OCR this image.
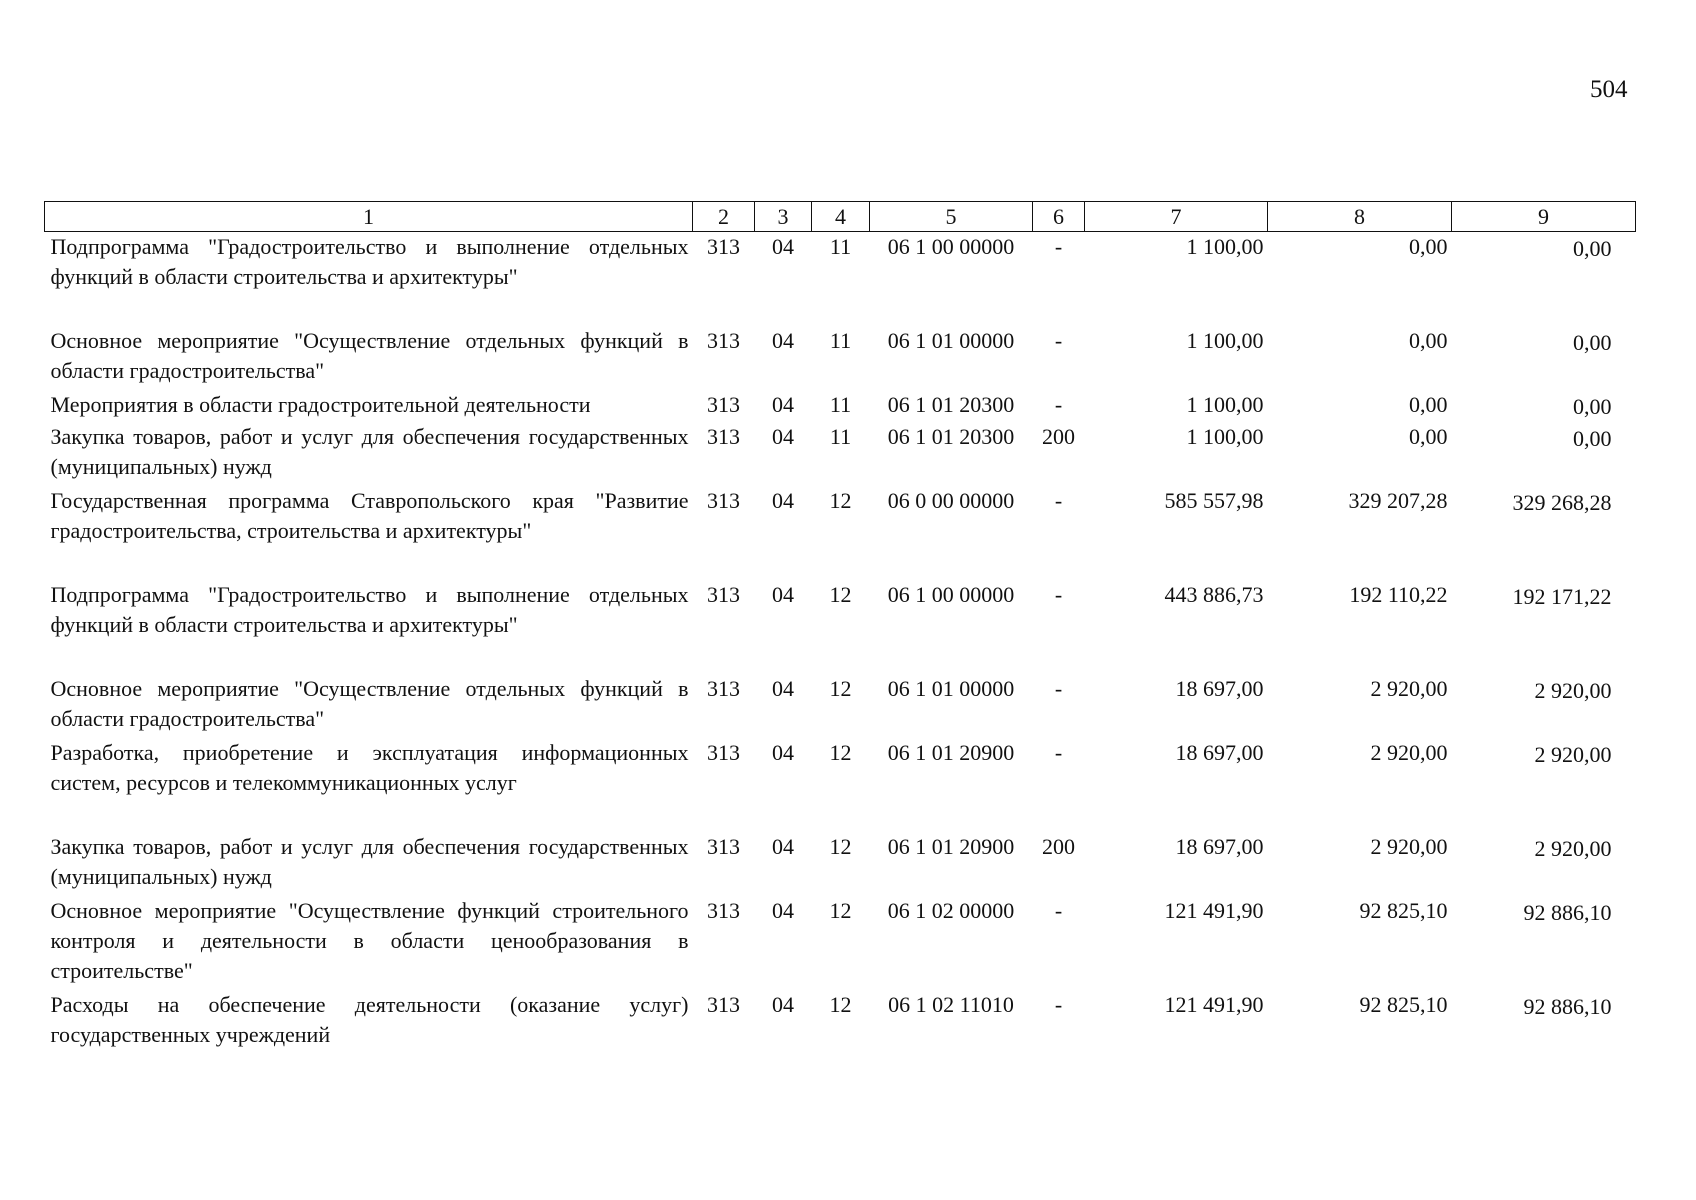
504
1	2	3	4	5	6	7	8	9
Подпрограмма "Градостроительство и выполнение отдельных функций в области строительства и архитектуры"	313	04	11	06 1 00 00000	-	1 100,00	0,00	0,00
Основное мероприятие "Осуществление отдельных функций в области градостроительства"	313	04	11	06 1 01 00000	-	1 100,00	0,00	0,00
Мероприятия в области градостроительной деятельности	313	04	11	06 1 01 20300	-	1 100,00	0,00	0,00
Закупка товаров, работ и услуг для обеспечения государственных (муниципальных) нужд	313	04	11	06 1 01 20300	200	1 100,00	0,00	0,00
Государственная программа Ставропольского края "Развитие градостроительства, строительства и архитектуры"	313	04	12	06 0 00 00000	-	585 557,98	329 207,28	329 268,28
Подпрограмма "Градостроительство и выполнение отдельных функций в области строительства и архитектуры"	313	04	12	06 1 00 00000	-	443 886,73	192 110,22	192 171,22
Основное мероприятие "Осуществление отдельных функций в области градостроительства"	313	04	12	06 1 01 00000	-	18 697,00	2 920,00	2 920,00
Разработка, приобретение и эксплуатация информационных систем, ресурсов и телекоммуникационных услуг	313	04	12	06 1 01 20900	-	18 697,00	2 920,00	2 920,00
Закупка товаров, работ и услуг для обеспечения государственных (муниципальных) нужд	313	04	12	06 1 01 20900	200	18 697,00	2 920,00	2 920,00
Основное мероприятие "Осуществление функций строительного контроля и деятельности в области ценообразования в строительстве"	313	04	12	06 1 02 00000	-	121 491,90	92 825,10	92 886,10
Расходы на обеспечение деятельности (оказание услуг) государственных учреждений	313	04	12	06 1 02 11010	-	121 491,90	92 825,10	92 886,10
